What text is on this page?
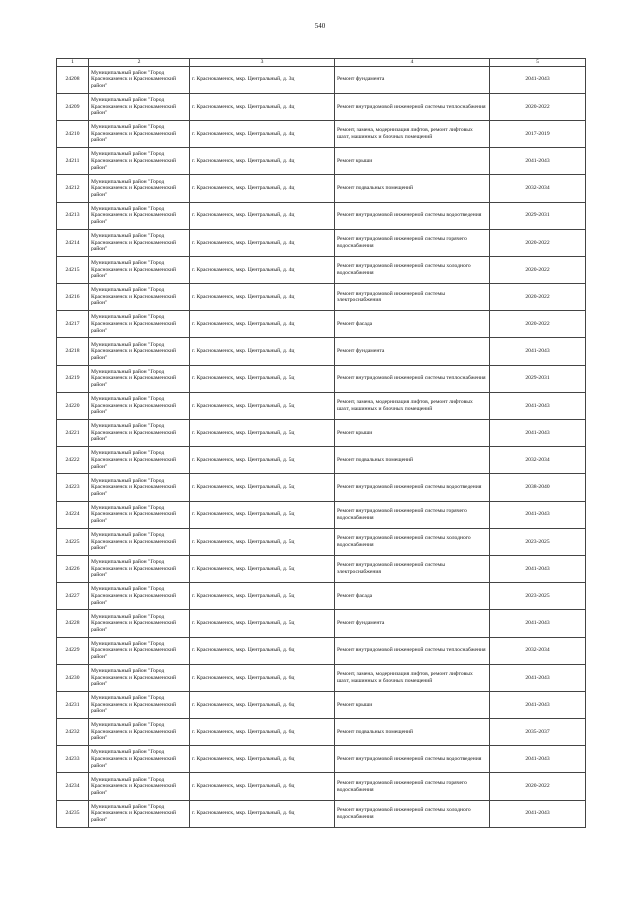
540
1	2	3	4	5
24208	Муниципальный район "Город Краснокаменск и Краснокаменский район"	г. Краснокаменск, мкр. Центральный, д. 3ц	Ремонт фундамента	2041-2043
24209	Муниципальный район "Город Краснокаменск и Краснокаменский район"	г. Краснокаменск, мкр. Центральный, д. 4ц	Ремонт внутридомовой инженерной системы теплоснабжения	2020-2022
24210	Муниципальный район "Город Краснокаменск и Краснокаменский район"	г. Краснокаменск, мкр. Центральный, д. 4ц	Ремонт, замена, модернизация лифтов, ремонт лифтовых шахт, машинных и блочных помещений	2017-2019
24211	Муниципальный район "Город Краснокаменск и Краснокаменский район"	г. Краснокаменск, мкр. Центральный, д. 4ц	Ремонт крыши	2041-2043
24212	Муниципальный район "Город Краснокаменск и Краснокаменский район"	г. Краснокаменск, мкр. Центральный, д. 4ц	Ремонт подвальных помещений	2032-2034
24213	Муниципальный район "Город Краснокаменск и Краснокаменский район"	г. Краснокаменск, мкр. Центральный, д. 4ц	Ремонт внутридомовой инженерной системы водоотведения	2029-2031
24214	Муниципальный район "Город Краснокаменск и Краснокаменский район"	г. Краснокаменск, мкр. Центральный, д. 4ц	Ремонт внутридомовой инженерной системы горячего водоснабжения	2020-2022
24215	Муниципальный район "Город Краснокаменск и Краснокаменский район"	г. Краснокаменск, мкр. Центральный, д. 4ц	Ремонт внутридомовой инженерной системы холодного водоснабжения	2020-2022
24216	Муниципальный район "Город Краснокаменск и Краснокаменский район"	г. Краснокаменск, мкр. Центральный, д. 4ц	Ремонт внутридомовой инженерной системы электроснабжения	2020-2022
24217	Муниципальный район "Город Краснокаменск и Краснокаменский район"	г. Краснокаменск, мкр. Центральный, д. 4ц	Ремонт фасада	2020-2022
24218	Муниципальный район "Город Краснокаменск и Краснокаменский район"	г. Краснокаменск, мкр. Центральный, д. 4ц	Ремонт фундамента	2041-2043
24219	Муниципальный район "Город Краснокаменск и Краснокаменский район"	г. Краснокаменск, мкр. Центральный, д. 5ц	Ремонт внутридомовой инженерной системы теплоснабжения	2029-2031
24220	Муниципальный район "Город Краснокаменск и Краснокаменский район"	г. Краснокаменск, мкр. Центральный, д. 5ц	Ремонт, замена, модернизация лифтов, ремонт лифтовых шахт, машинных и блочных помещений	2041-2043
24221	Муниципальный район "Город Краснокаменск и Краснокаменский район"	г. Краснокаменск, мкр. Центральный, д. 5ц	Ремонт крыши	2041-2043
24222	Муниципальный район "Город Краснокаменск и Краснокаменский район"	г. Краснокаменск, мкр. Центральный, д. 5ц	Ремонт подвальных помещений	2032-2034
24223	Муниципальный район "Город Краснокаменск и Краснокаменский район"	г. Краснокаменск, мкр. Центральный, д. 5ц	Ремонт внутридомовой инженерной системы водоотведения	2038-2040
24224	Муниципальный район "Город Краснокаменск и Краснокаменский район"	г. Краснокаменск, мкр. Центральный, д. 5ц	Ремонт внутридомовой инженерной системы горячего водоснабжения	2041-2043
24225	Муниципальный район "Город Краснокаменск и Краснокаменский район"	г. Краснокаменск, мкр. Центральный, д. 5ц	Ремонт внутридомовой инженерной системы холодного водоснабжения	2023-2025
24226	Муниципальный район "Город Краснокаменск и Краснокаменский район"	г. Краснокаменск, мкр. Центральный, д. 5ц	Ремонт внутридомовой инженерной системы электроснабжения	2041-2043
24227	Муниципальный район "Город Краснокаменск и Краснокаменский район"	г. Краснокаменск, мкр. Центральный, д. 5ц	Ремонт фасада	2023-2025
24228	Муниципальный район "Город Краснокаменск и Краснокаменский район"	г. Краснокаменск, мкр. Центральный, д. 5ц	Ремонт фундамента	2041-2043
24229	Муниципальный район "Город Краснокаменск и Краснокаменский район"	г. Краснокаменск, мкр. Центральный, д. 6ц	Ремонт внутридомовой инженерной системы теплоснабжения	2032-2034
24230	Муниципальный район "Город Краснокаменск и Краснокаменский район"	г. Краснокаменск, мкр. Центральный, д. 6ц	Ремонт, замена, модернизация лифтов, ремонт лифтовых шахт, машинных и блочных помещений	2041-2043
24231	Муниципальный район "Город Краснокаменск и Краснокаменский район"	г. Краснокаменск, мкр. Центральный, д. 6ц	Ремонт крыши	2041-2043
24232	Муниципальный район "Город Краснокаменск и Краснокаменский район"	г. Краснокаменск, мкр. Центральный, д. 6ц	Ремонт подвальных помещений	2035-2037
24233	Муниципальный район "Город Краснокаменск и Краснокаменский район"	г. Краснокаменск, мкр. Центральный, д. 6ц	Ремонт внутридомовой инженерной системы водоотведения	2041-2043
24234	Муниципальный район "Город Краснокаменск и Краснокаменский район"	г. Краснокаменск, мкр. Центральный, д. 6ц	Ремонт внутридомовой инженерной системы горячего водоснабжения	2020-2022
24235	Муниципальный район "Город Краснокаменск и Краснокаменский район"	г. Краснокаменск, мкр. Центральный, д. 6ц	Ремонт внутридомовой инженерной системы холодного водоснабжения	2041-2043
